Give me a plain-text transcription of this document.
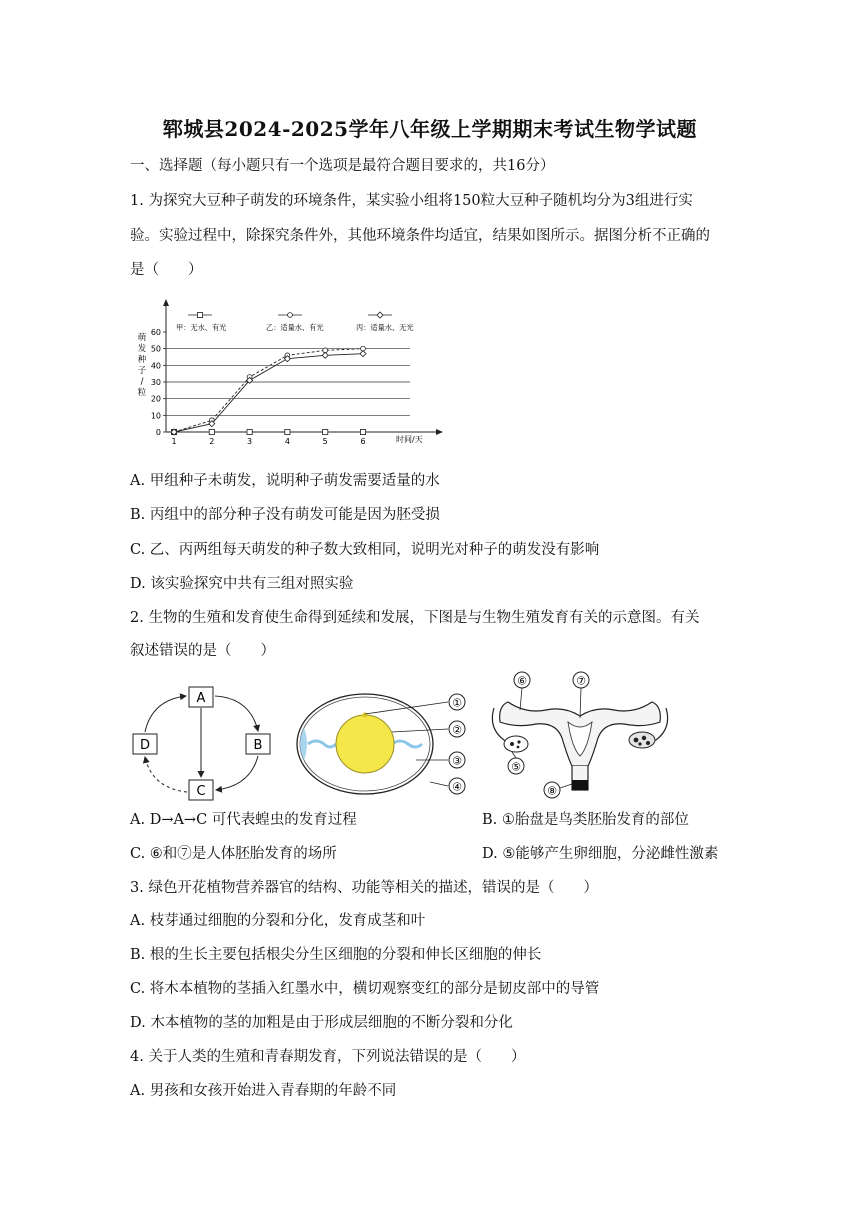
郓城县2024-2025学年八年级上学期期末考试生物学试题
一、选择题（每小题只有一个选项是最符合题目要求的，共16分）
1. 为探究大豆种子萌发的环境条件，某实验小组将150粒大豆种子随机均分为3组进行实
验。实验过程中，除探究条件外，其他环境条件均适宜，结果如图所示。据图分析不正确的
是（　　）
甲：无水、有光	乙：适量水、有光	丙：适量水、无光
0
10
20
30
40
50
60
1	2	3	4	5	6
萌
发
种
子
/
粒
时间/天
A. 甲组种子未萌发，说明种子萌发需要适量的水
B. 丙组中的部分种子没有萌发可能是因为胚受损
C. 乙、丙两组每天萌发的种子数大致相同，说明光对种子的萌发没有影响
D. 该实验探究中共有三组对照实验
2. 生物的生殖和发育使生命得到延续和发展，下图是与生物生殖发育有关的示意图。有关
叙述错误的是（　　）
A
B
C
D
①
②
③
④
⑥	⑦
⑤
⑧
A. D→A→C 可代表蝗虫的发育过程	B. ①胎盘是鸟类胚胎发育的部位
C. ⑥和⑦是人体胚胎发育的场所	D. ⑤能够产生卵细胞，分泌雌性激素
3. 绿色开花植物营养器官的结构、功能等相关的描述，错误的是（　　）
A. 枝芽通过细胞的分裂和分化，发育成茎和叶
B. 根的生长主要包括根尖分生区细胞的分裂和伸长区细胞的伸长
C. 将木本植物的茎插入红墨水中，横切观察变红的部分是韧皮部中的导管
D. 木本植物的茎的加粗是由于形成层细胞的不断分裂和分化
4. 关于人类的生殖和青春期发育，下列说法错误的是（　　）
A. 男孩和女孩开始进入青春期的年龄不同
